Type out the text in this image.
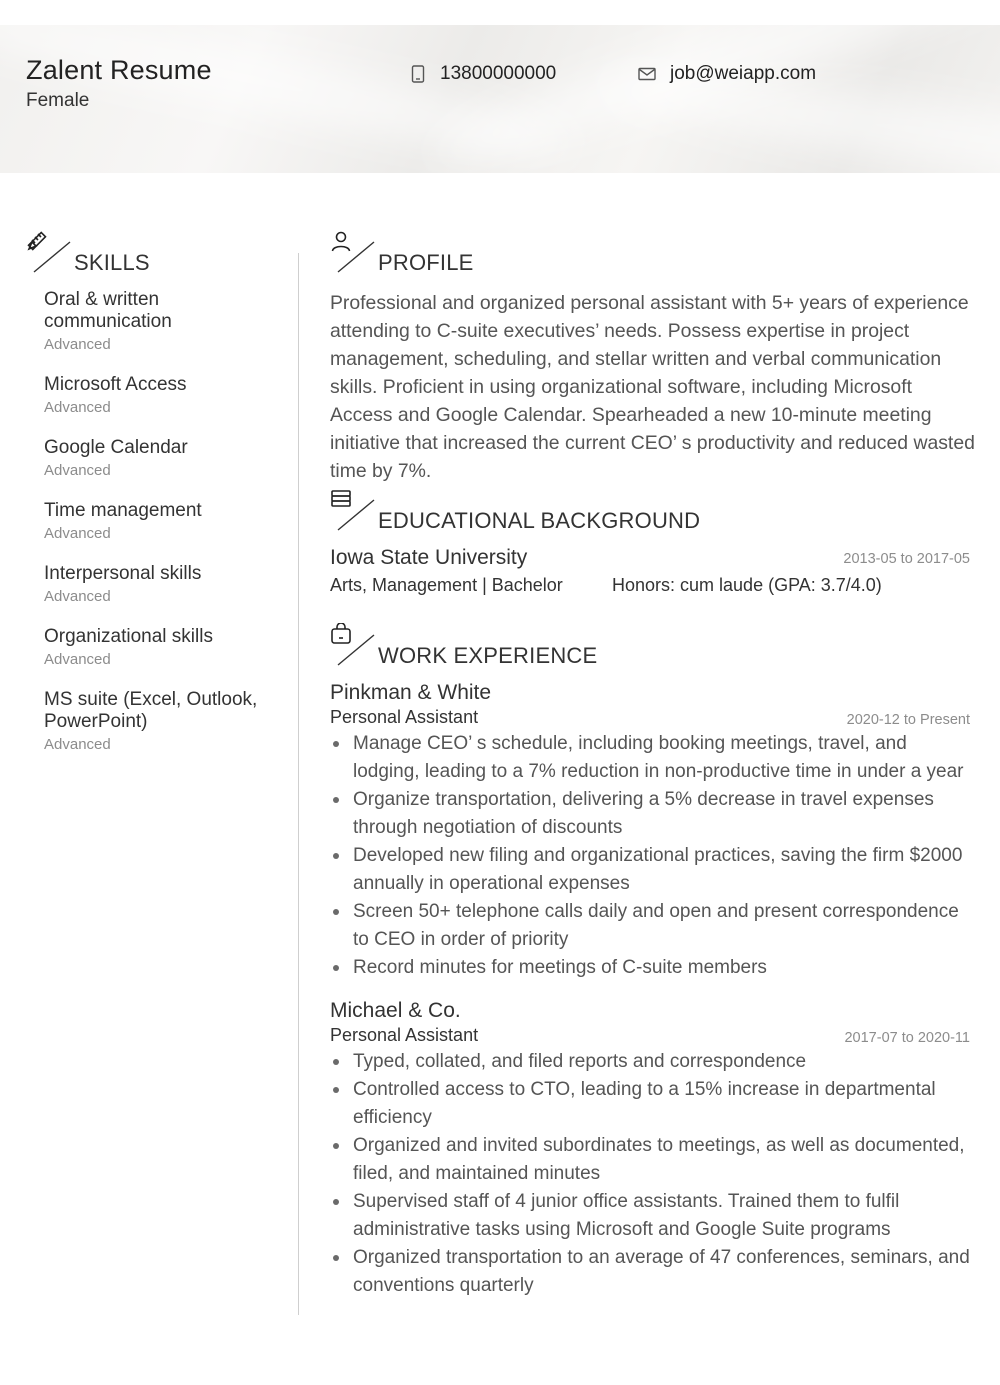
Zalent Resume
Female
13800000000	job@weiapp.com
SKILLS
Oral & written communication
Advanced
Microsoft Access
Advanced
Google Calendar
Advanced
Time management
Advanced
Interpersonal skills
Advanced
Organizational skills
Advanced
MS suite (Excel, Outlook, PowerPoint)
Advanced
PROFILE
Professional and organized personal assistant with 5+ years of experience attending to C-suite executives’ needs. Possess expertise in project management, scheduling, and stellar written and verbal communication skills. Proficient in using organizational software, including Microsoft Access and Google Calendar. Spearheaded a new 10-minute meeting initiative that increased the current CEO’ s productivity and reduced wasted time by 7%.
EDUCATIONAL BACKGROUND
Iowa State University	2013-05 to 2017-05
Arts, Management | Bachelor	Honors: cum laude (GPA: 3.7/4.0)
WORK EXPERIENCE
Pinkman & White
Personal Assistant	2020-12 to Present
Manage CEO’ s schedule, including booking meetings, travel, and lodging, leading to a 7% reduction in non-productive time in under a year
Organize transportation, delivering a 5% decrease in travel expenses through negotiation of discounts
Developed new filing and organizational practices, saving the firm $2000 annually in operational expenses
Screen 50+ telephone calls daily and open and present correspondence to CEO in order of priority
Record minutes for meetings of C-suite members
Michael & Co.
Personal Assistant	2017-07 to 2020-11
Typed, collated, and filed reports and correspondence
Controlled access to CTO, leading to a 15% increase in departmental efficiency
Organized and invited subordinates to meetings, as well as documented, filed, and maintained minutes
Supervised staff of 4 junior office assistants. Trained them to fulfil administrative tasks using Microsoft and Google Suite programs
Organized transportation to an average of 47 conferences, seminars, and conventions quarterly
